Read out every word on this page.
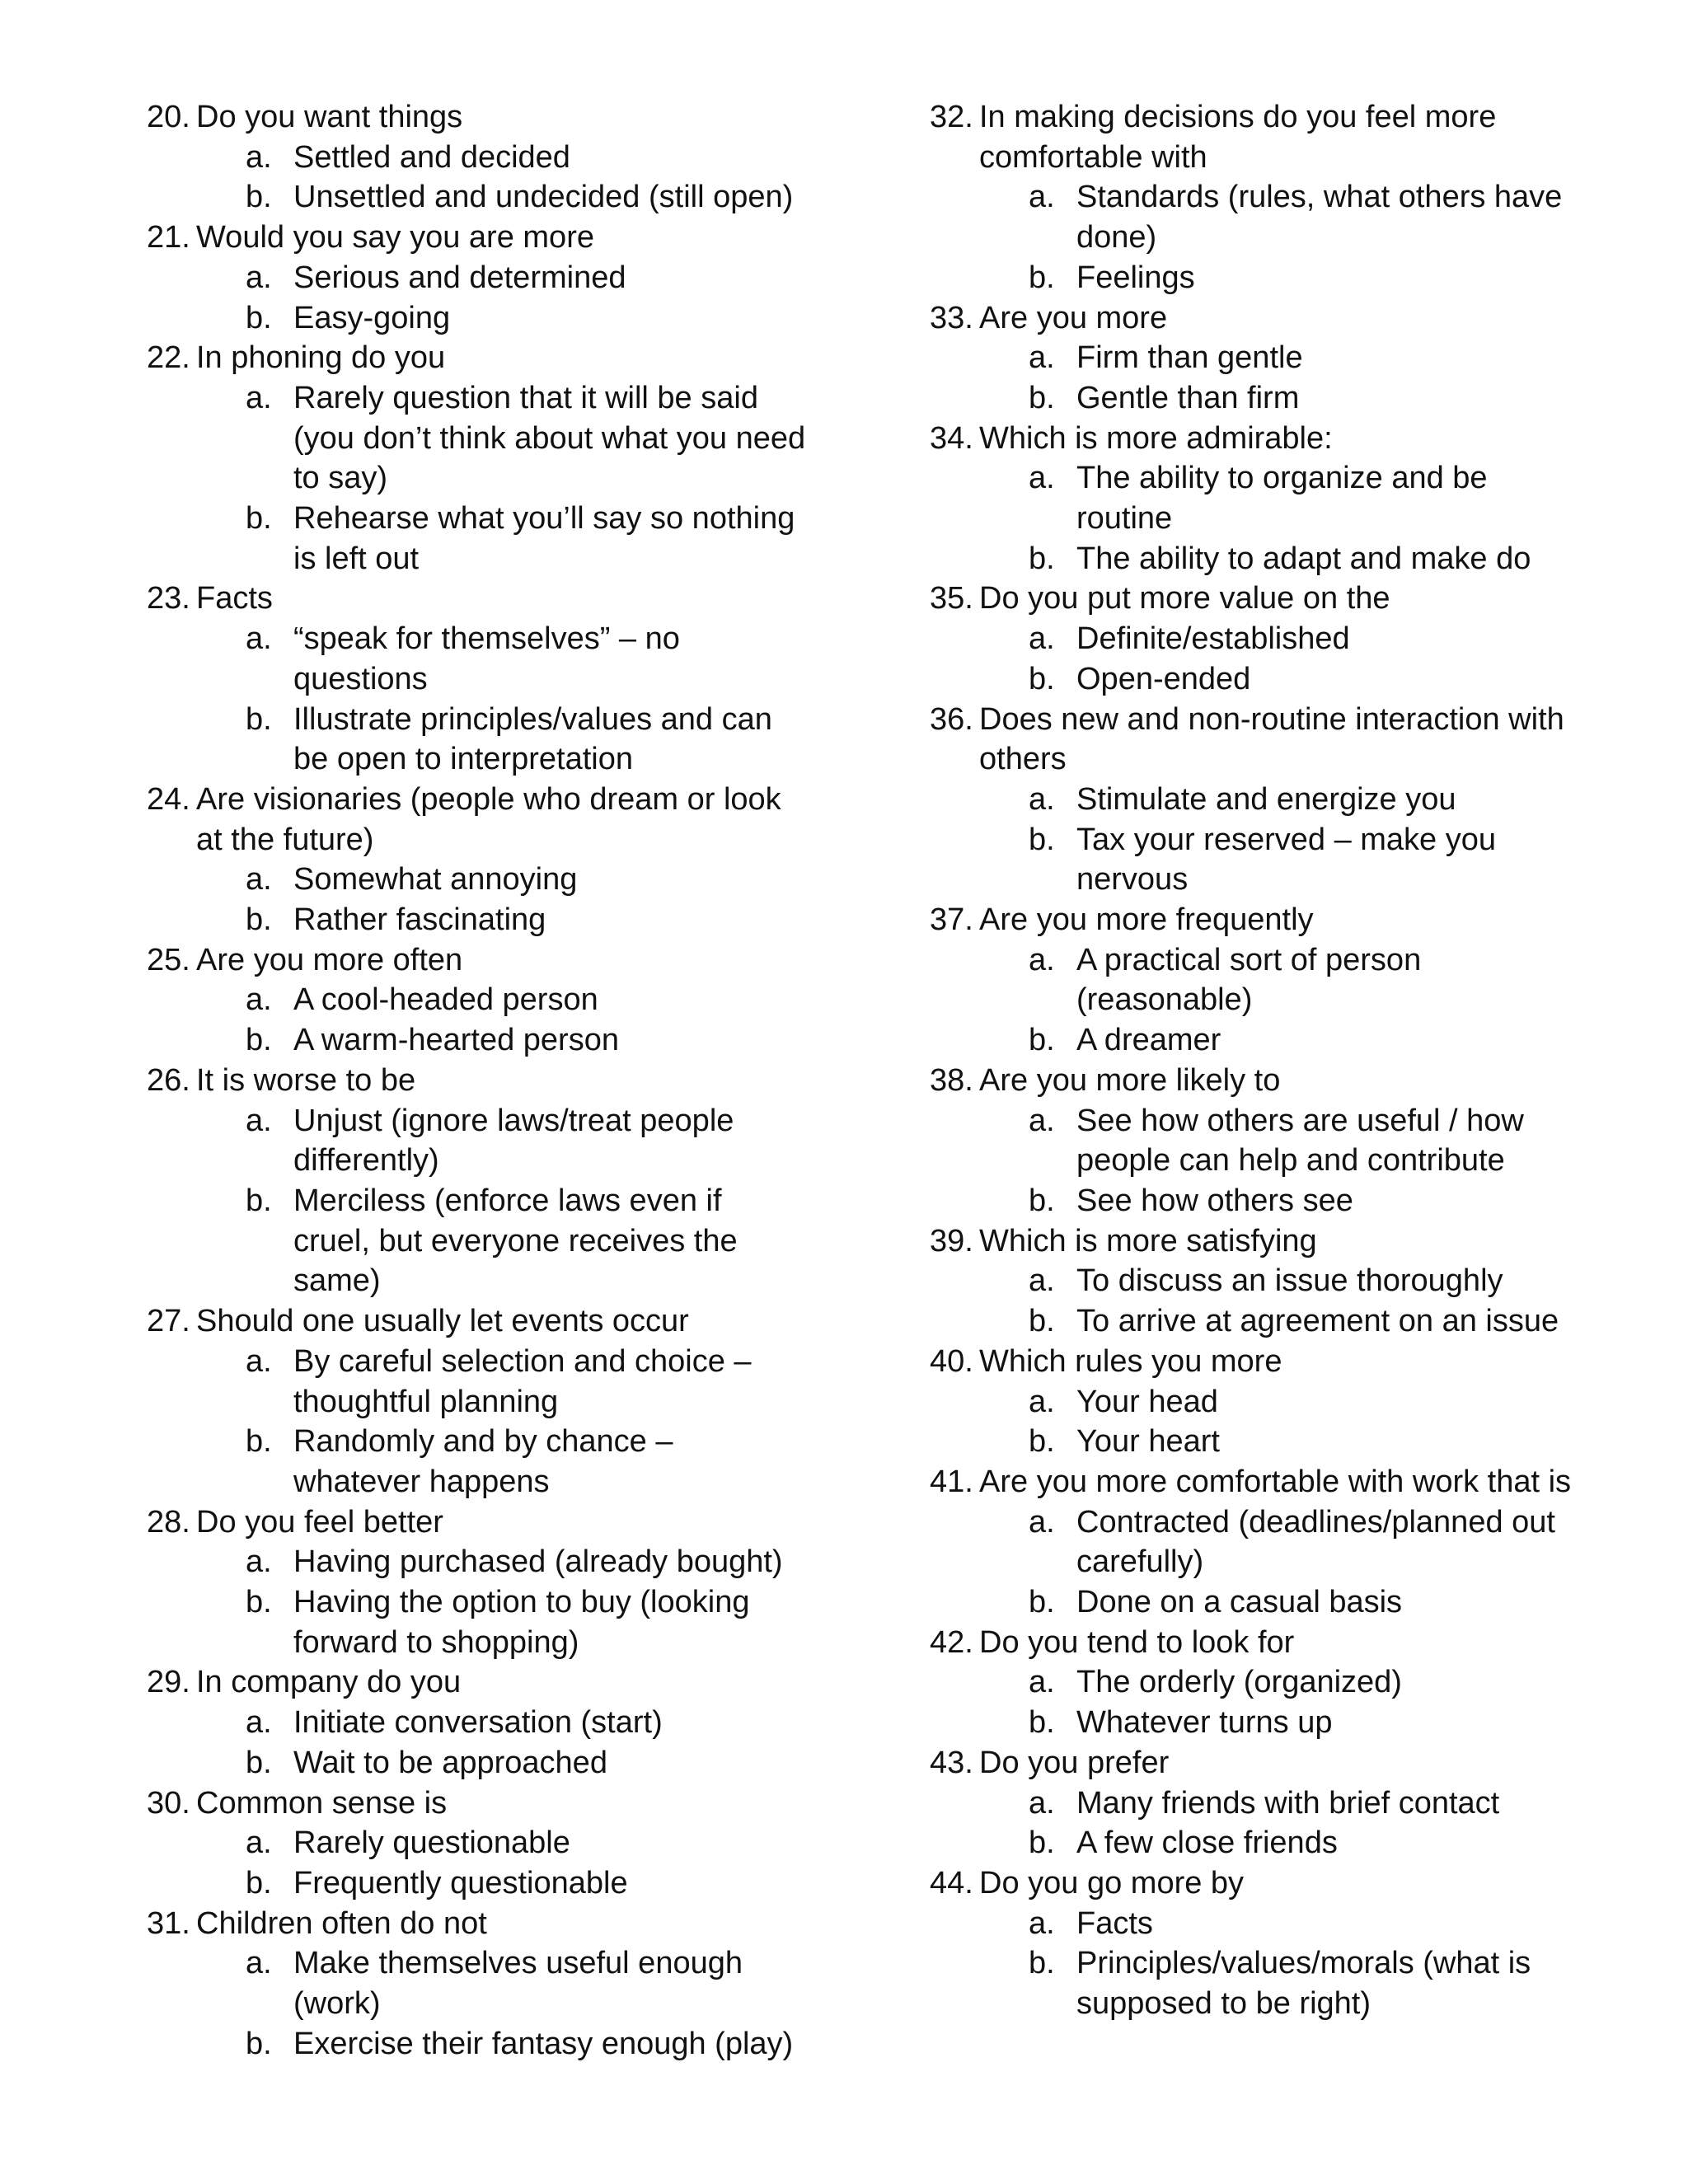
20. Do you want things
a. Settled and decided
b. Unsettled and undecided (still open)
21. Would you say you are more
a. Serious and determined
b. Easy-going
22. In phoning do you
a. Rarely question that it will be said (you don’t think about what you need to say)
b. Rehearse what you’ll say so nothing is left out
23. Facts
a. “speak for themselves” – no questions
b. Illustrate principles/values and can be open to interpretation
24. Are visionaries (people who dream or look at the future)
a. Somewhat annoying
b. Rather fascinating
25. Are you more often
a. A cool-headed person
b. A warm-hearted person
26. It is worse to be
a. Unjust (ignore laws/treat people differently)
b. Merciless (enforce laws even if cruel, but everyone receives the same)
27. Should one usually let events occur
a. By careful selection and choice – thoughtful planning
b. Randomly and by chance – whatever happens
28. Do you feel better
a. Having purchased (already bought)
b. Having the option to buy (looking forward to shopping)
29. In company do you
a. Initiate conversation (start)
b. Wait to be approached
30. Common sense is
a. Rarely questionable
b. Frequently questionable
31. Children often do not
a. Make themselves useful enough (work)
b. Exercise their fantasy enough (play)
32. In making decisions do you feel more comfortable with
a. Standards (rules, what others have done)
b. Feelings
33. Are you more
a. Firm than gentle
b. Gentle than firm
34. Which is more admirable:
a. The ability to organize and be routine
b. The ability to adapt and make do
35. Do you put more value on the
a. Definite/established
b. Open-ended
36. Does new and non-routine interaction with others
a. Stimulate and energize you
b. Tax your reserved – make you nervous
37. Are you more frequently
a. A practical sort of person (reasonable)
b. A dreamer
38. Are you more likely to
a. See how others are useful / how people can help and contribute
b. See how others see
39. Which is more satisfying
a. To discuss an issue thoroughly
b. To arrive at agreement on an issue
40. Which rules you more
a. Your head
b. Your heart
41. Are you more comfortable with work that is
a. Contracted (deadlines/planned out carefully)
b. Done on a casual basis
42. Do you tend to look for
a. The orderly (organized)
b. Whatever turns up
43. Do you prefer
a. Many friends with brief contact
b. A few close friends
44. Do you go more by
a. Facts
b. Principles/values/morals (what is supposed to be right)
